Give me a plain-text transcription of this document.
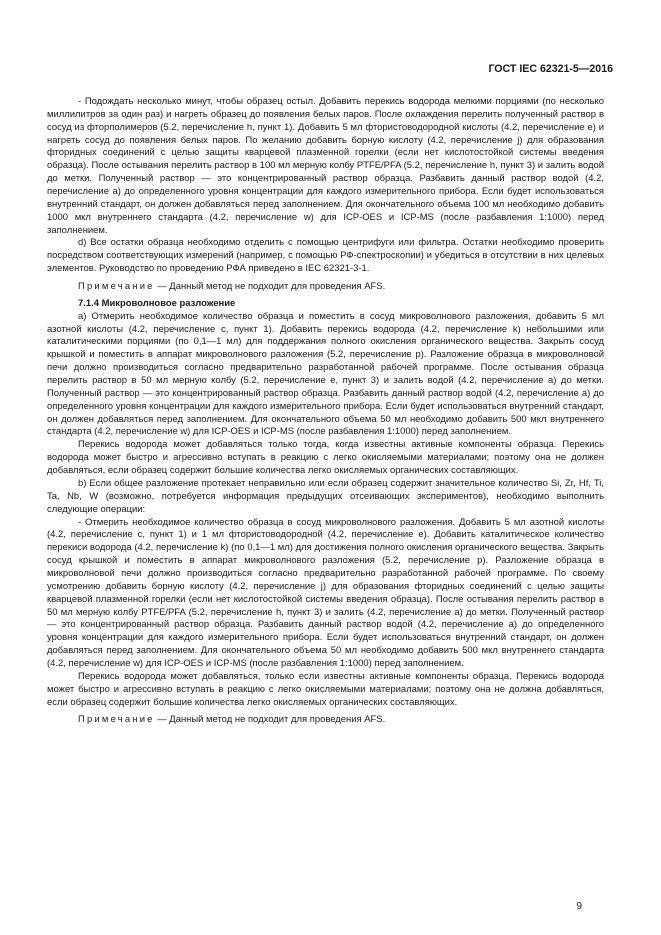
ГОСТ IEC 62321-5—2016

- Подождать несколько минут, чтобы образец остыл. Добавить перекись водорода мелкими порциями (по несколько миллилитров за один раз) и нагреть образец до появления белых паров. После охлаждения перелить полученный раствор в сосуд из фторполимеров (5.2, перечисление h, пункт 1). Добавить 5 мл фтористоводородной кислоты (4.2, перечисление е) и нагреть сосуд до появления белых паров. По желанию добавить борную кислоту (4.2, перечисление j) для образования фторидных соединений с целью защиты кварцевой плазменной горелки (если нет кислотостойкой системы введения образца). После остывания перелить раствор в 100 мл мерную колбу PTFE/PFA (5.2, перечисление h, пункт 3) и залить водой до метки. Полученный раствор — это концентрированный раствор образца. Разбавить данный раствор водой (4.2, перечисление а) до определенного уровня концентрации для каждого измерительного прибора. Если будет использоваться внутренний стандарт, он должен добавляться перед заполнением. Для окончательного объема 100 мл необходимо добавить 1000 мкл внутреннего стандарта (4.2, перечисление w) для ICP-OES и ICP-MS (после разбавления 1:1000) перед заполнением.

d) Все остатки образца необходимо отделить с помощью центрифуги или фильтра. Остатки необходимо проверить посредством соответствующих измерений (например, с помощью РФ-спектроскопии) и убедиться в отсутствии в них целевых элементов. Руководство по проведению РФА приведено в IEC 62321-3-1.

Примечание — Данный метод не подходит для проведения AFS.

7.1.4 Микроволновое разложение

а) Отмерить необходимое количество образца и поместить в сосуд микроволнового разложения, добавить 5 мл азотной кислоты (4.2, перечисление с, пункт 1). Добавить перекись водорода (4.2, перечисление k) небольшими или каталитическими порциями (по 0,1—1 мл) для поддержания полного окисления органического вещества. Закрыть сосуд крышкой и поместить в аппарат микроволнового разложения (5.2, перечисление р). Разложение образца в микроволновой печи должно производиться согласно предварительно разработанной рабочей программе. После остывания образца перелить раствор в 50 мл мерную колбу (5.2, перечисление е, пункт 3) и залить водой (4.2, перечисление а) до метки. Полученный раствор — это концентрированный раствор образца. Разбавить данный раствор водой (4.2, перечисление а) до определенного уровня концентрации для каждого измерительного прибора. Если будет использоваться внутренний стандарт, он должен добавляться перед заполнением. Для окончательного объема 50 мл необходимо добавить 500 мкл внутреннего стандарта (4.2, перечисление w) для ICP-OES и ICP-MS (после разбавления 1:1000) перед заполнением.

Перекись водорода может добавляться только тогда, когда известны активные компоненты образца. Перекись водорода может быстро и агрессивно вступать в реакцию с легко окисляемыми материалами; поэтому она не должен добавляться, если образец содержит большие количества легко окисляемых органических составляющих.

b) Если общее разложение протекает неправильно или если образец содержит значительное количество Si, Zr, Hf, Ti, Ta, Nb, W (возможно, потребуется информация предыдущих отсеивающих экспериментов), необходимо выполнить следующие операции:

- Отмерить необходимое количество образца в сосуд микроволнового разложения. Добавить 5 мл азотной кислоты (4.2, перечисление с, пункт 1) и 1 мл фтористоводородной (4.2, перечисление е). Добавить каталитическое количество перекиси водорода (4.2, перечисление k) (по 0,1—1 мл) для достижения полного окисления органического вещества. Закрыть сосуд крышкой и поместить в аппарат микроволнового разложения (5.2, перечисление р). Разложение образца в микроволновой печи должно производиться согласно предварительно разработанной рабочей программе. По своему усмотрению добавить борную кислоту (4.2, перечисление j) для образования фторидных соединений с целью защиты кварцевой плазменной горелки (если нет кислотостойкой системы введения образца). После остывания перелить раствор в 50 мл мерную колбу PTFE/PFA (5.2, перечисление h, пункт 3) и залить (4.2, перечисление а) до метки. Полученный раствор — это концентрированный раствор образца. Разбавить данный раствор водой (4.2, перечисление а) до определенного уровня концентрации для каждого измерительного прибора. Если будет использоваться внутренний стандарт, он должен добавляться перед заполнением. Для окончательного объема 50 мл необходимо добавить 500 мкл внутреннего стандарта (4.2, перечисление w) для ICP-OES и ICP-MS (после разбавления 1:1000) перед заполнением.

Перекись водорода может добавляться, только если известны активные компоненты образца. Перекись водорода может быстро и агрессивно вступать в реакцию с легко окисляемыми материалами; поэтому она не должна добавляться, если образец содержит большие количества легко окисляемых органических составляющих.

Примечание — Данный метод не подходит для проведения AFS.

9
